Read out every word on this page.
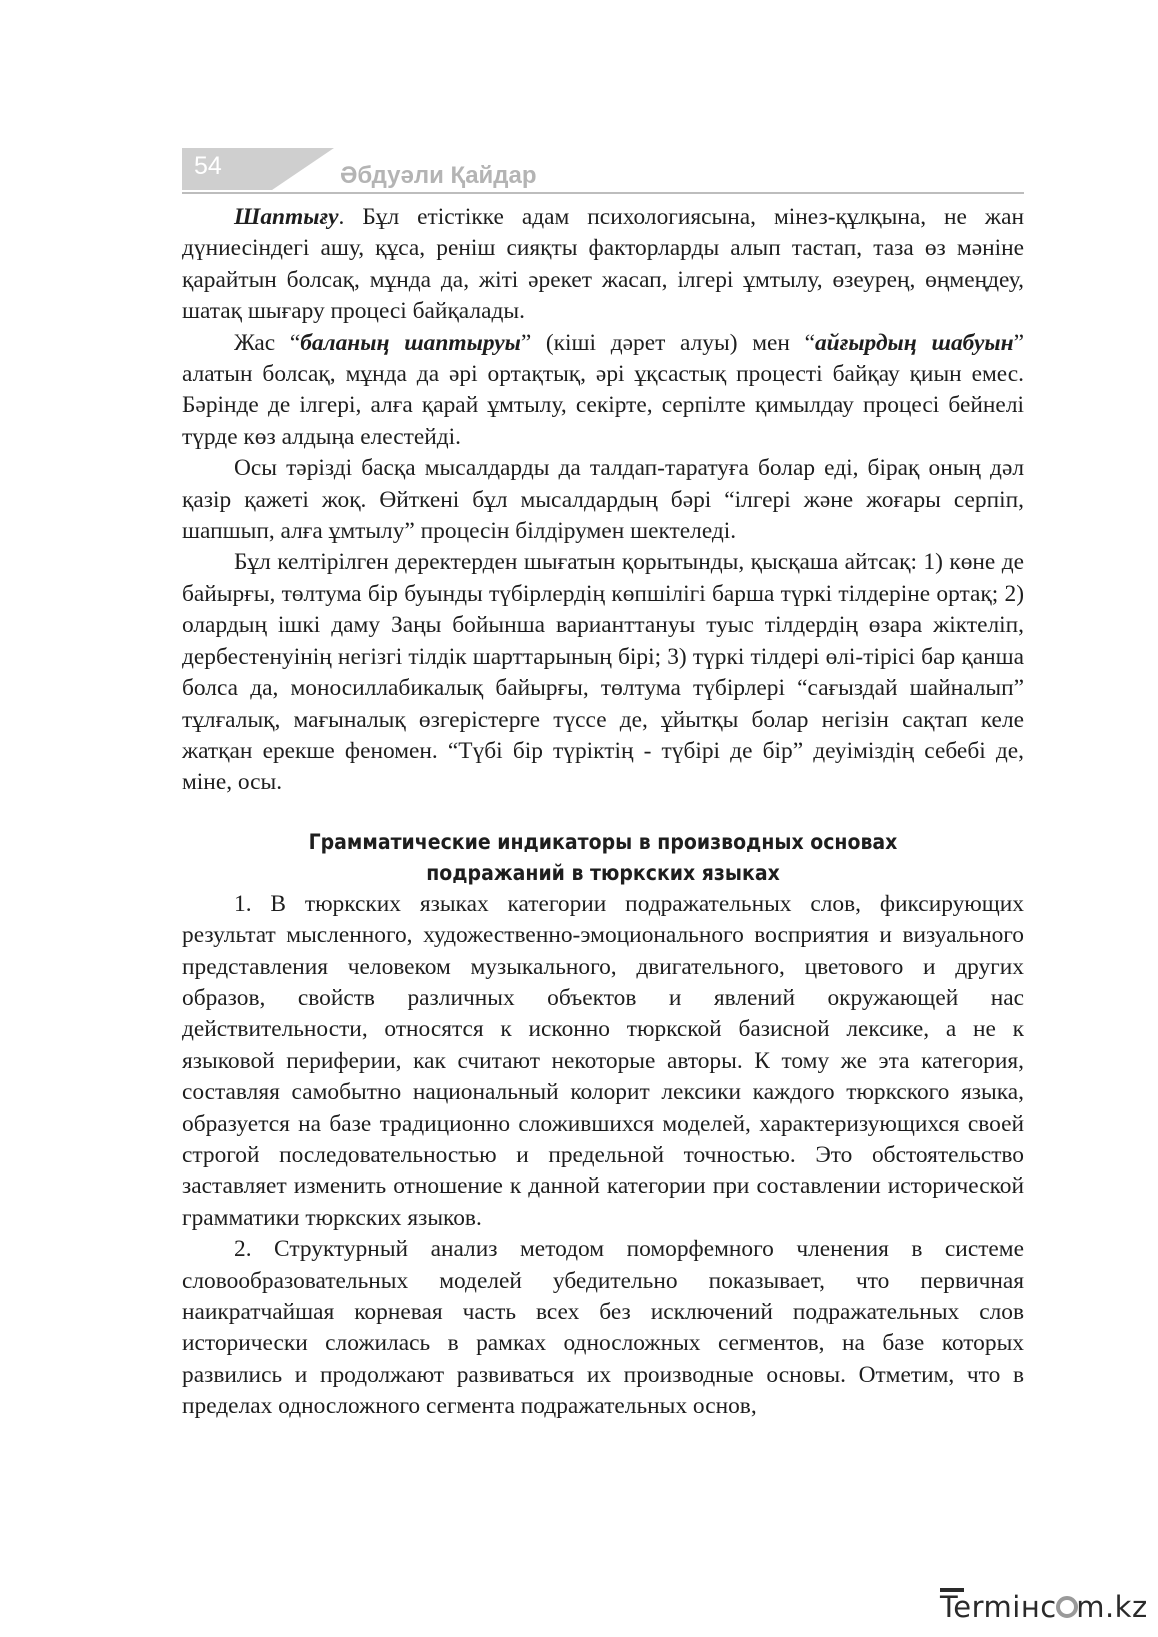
54	Әбдуәли Қайдар

Шаптығу. Бұл етістікке адам психологиясына, мінез-құлқына, не жан дүниесіндегі ашу, құса, реніш сияқты факторларды алып тастап, таза өз мәніне қарайтын болсақ, мұнда да, жіті әрекет жасап, ілгері ұмтылу, өзеурең, өңмеңдеу, шатақ шығару процесі байқалады.

Жас “баланың шаптыруы” (кіші дәрет алуы) мен “айғырдың шабуын” алатын болсақ, мұнда да әрі ортақтық, әрі ұқсастық процесті байқау қиын емес. Бәрінде де ілгері, алға қарай ұмтылу, секірте, серпілте қимылдау процесі бейнелі түрде көз алдыңа елестейді.

Осы тәрізді басқа мысалдарды да талдап-таратуға болар еді, бірақ оның дәл қазір қажеті жоқ. Өйткені бұл мысалдардың бәрі “ілгері және жоғары серпіп, шапшып, алға ұмтылу” процесін білдірумен шектеледі.

Бұл келтірілген деректерден шығатын қорытынды, қысқаша айтсақ: 1) көне де байырғы, төлтума бір буынды түбірлердің көпшілігі барша түркі тілдеріне ортақ; 2) олардың ішкі даму Заңы бойынша варианттануы туыс тілдердің өзара жіктеліп, дербестенуінің негізгі тілдік шарттарының бірі; 3) түркі тілдері өлі-тірісі бар қанша болса да, моносиллабикалық байырғы, төлтума түбірлері “сағыздай шайналып” тұлғалық, мағыналық өзгерістерге түссе де, ұйытқы болар негізін сақтап келе жатқан ерекше феномен. “Түбі бір түріктің - түбірі де бір” деуіміздің себебі де, міне, осы.

Грамматические индикаторы в производных основах
подражаний в тюркских языках

1. В тюркских языках категории подражательных слов, фиксирующих результат мысленного, художественно-эмоционального восприятия и визуального представления человеком музыкального, двигательного, цветового и других образов, свойств различных объектов и явлений окружающей нас действительности, относятся к исконно тюркской базисной лексике, а не к языковой периферии, как считают некоторые авторы. К тому же эта категория, составляя самобытно национальный колорит лексики каждого тюркского языка, образуется на базе традиционно сложившихся моделей, характеризующихся своей строгой последовательностью и предельной точностью. Это обстоятельство заставляет изменить отношение к данной категории при составлении исторической грамматики тюркских языков.

2. Структурный анализ методом поморфемного членения в системе словообразовательных моделей убедительно показывает, что первичная наикратчайшая корневая часть всех без исключений подражательных слов исторически сложилась в рамках односложных сегментов, на базе которых развились и продолжают развиваться их производные основы. Отметим, что в пределах односложного сегмента подражательных основ,

Termінc m.kz
